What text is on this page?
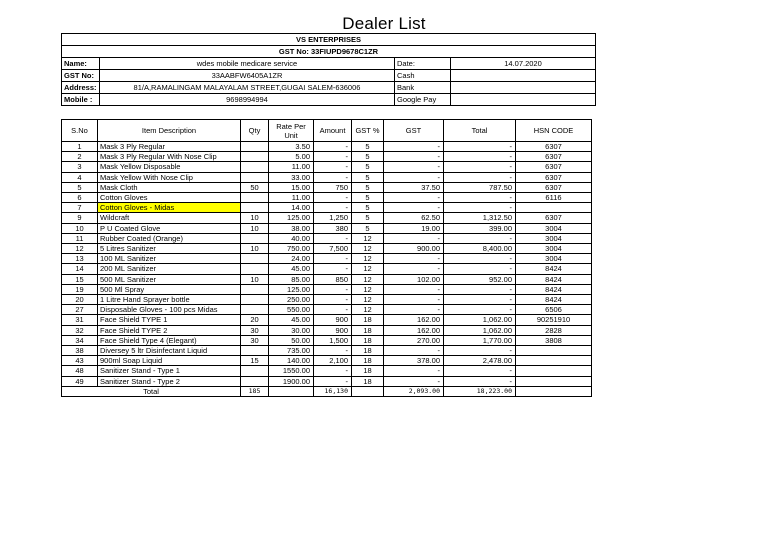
Dealer List
VS ENTERPRISES			
GST No: 33FIUPD9678C1ZR			
Name:	wdes mobile medicare service	Date:	14.07.2020
GST No:	33AABFW6405A1ZR	Cash	
Address:	81/A,RAMALINGAM MALAYALAM STREET,GUGAI SALEM-636006	Bank	
Mobile :	9698994994	Google Pay	
S.No	Item Description	Qty	Rate Per Unit	Amount	GST %	GST	Total	HSN CODE
1	Mask 3 Ply Regular		3.50	-	5	-	-	6307
2	Mask 3 Ply Regular With Nose Clip		5.00	-	5	-	-	6307
3	Mask Yellow Disposable		11.00	-	5	-	-	6307
4	Mask Yellow With Nose Clip		33.00	-	5	-	-	6307
5	Mask Cloth	50	15.00	750	5	37.50	787.50	6307
6	Cotton Gloves		11.00	-	5	-	-	6116
7	Cotton Gloves - Midas		14.00	-	5	-	-	
9	Wildcraft	10	125.00	1,250	5	62.50	1,312.50	6307
10	P U Coated Glove	10	38.00	380	5	19.00	399.00	3004
11	Rubber Coated (Orange)		40.00	-	12	-	-	3004
12	5 Litres Sanitizer	10	750.00	7,500	12	900.00	8,400.00	3004
13	100 ML Sanitizer		24.00	-	12	-	-	3004
14	200 ML Sanitizer		45.00	-	12	-	-	8424
15	500 ML Sanitizer	10	85.00	850	12	102.00	952.00	8424
19	500 Ml Spray		125.00	-	12	-	-	8424
20	1 Litre Hand Sprayer bottle		250.00	-	12	-	-	8424
27	Disposable Gloves - 100 pcs Midas		550.00	-	12	-	-	6506
31	Face Shield TYPE 1	20	45.00	900	18	162.00	1,062.00	90251910
32	Face Shield TYPE 2	30	30.00	900	18	162.00	1,062.00	2828
34	Face Shield Type 4 (Elegant)	30	50.00	1,500	18	270.00	1,770.00	3808
38	Diversey 5 ltr Disinfectant Liquid		735.00	-	18	-	-	
43	900ml Soap Liquid	15	140.00	2,100	18	378.00	2,478.00	
48	Sanitizer Stand - Type 1		1550.00	-	18	-	-	
49	Sanitizer Stand - Type 2		1900.00	-	18	-	-	
Total		185		16,130		2,093.00	18,223.00	
